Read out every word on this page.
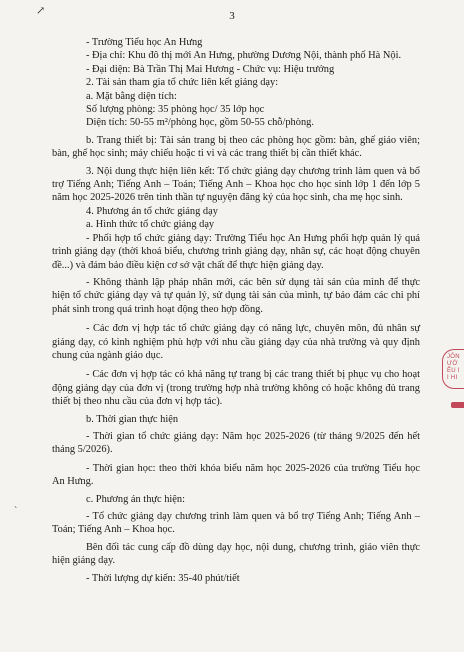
3
↗
ˋ

- Trường Tiểu học An Hưng

- Địa chỉ: Khu đô thị mới An Hưng, phường Dương Nội, thành phố Hà Nội.

- Đại diện: Bà Trần Thị Mai Hương - Chức vụ: Hiệu trưởng

2. Tài sản tham gia tổ chức liên kết giảng dạy:

a. Mặt bằng diện tích:

Số lượng phòng: 35 phòng học/ 35 lớp học

Diện tích: 50-55 m²/phòng học, gồm 50-55 chỗ/phòng.

b. Trang thiết bị: Tài sản trang bị theo các phòng học gồm: bàn, ghế giáo viên; bàn, ghế học sinh; máy chiếu hoặc ti vi và các trang thiết bị cần thiết khác.

3. Nội dung thực hiện liên kết: Tổ chức giảng dạy chương trình làm quen và bổ trợ Tiếng Anh; Tiếng Anh – Toán; Tiếng Anh – Khoa học cho học sinh lớp 1 đến lớp 5 năm học 2025-2026 trên tinh thần tự nguyện đăng ký của học sinh, cha mẹ học sinh.

4. Phương án tổ chức giảng dạy

a. Hình thức tổ chức giảng dạy

- Phối hợp tổ chức giảng dạy: Trường Tiểu học An Hưng phối hợp quản lý quá trình giảng dạy (thời khoá biểu, chương trình giảng dạy, nhân sự, các hoạt động chuyên đề...) và đảm bảo điều kiện cơ sở vật chất để thực hiện giảng dạy.

- Không thành lập pháp nhân mới, các bên sử dụng tài sản của mình để thực hiện tổ chức giảng dạy và tự quản lý, sử dụng tài sản của mình, tự bảo đảm các chi phí phát sinh trong quá trình hoạt động theo hợp đồng.

- Các đơn vị hợp tác tổ chức giảng dạy có năng lực, chuyên môn, đủ nhân sự giảng dạy, có kinh nghiệm phù hợp với nhu cầu giảng dạy của nhà trường và quy định chung của ngành giáo dục.

- Các đơn vị hợp tác có khả năng tự trang bị các trang thiết bị phục vụ cho hoạt động giảng dạy của đơn vị (trong trường hợp nhà trường không có hoặc không đủ trang thiết bị theo nhu cầu của đơn vị hợp tác).

b. Thời gian thực hiện

- Thời gian tổ chức giảng dạy: Năm học 2025-2026 (từ tháng 9/2025 đến hết tháng 5/2026).

- Thời gian học: theo thời khóa biểu năm học 2025-2026 của trường Tiểu học An Hưng.

c. Phương án thực hiện:

- Tổ chức giảng dạy chương trình làm quen và bổ trợ Tiếng Anh; Tiếng Anh – Toán; Tiếng Anh – Khoa học.

Bên đối tác cung cấp đồ dùng dạy học, nội dung, chương trình, giáo viên thực hiện giảng dạy.

- Thời lượng dự kiến: 35-40 phút/tiết

JÔN
ƯỚ
ÊU I
I HI
